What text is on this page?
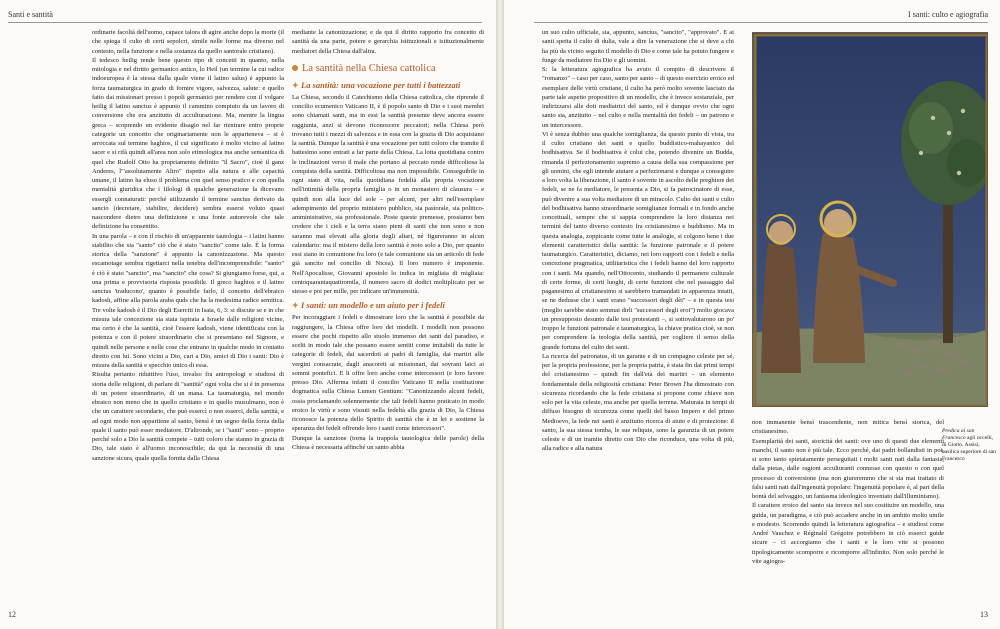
Santi e santità

ordinarie facoltà dell'uomo, capace talora di agire anche dopo la morte (il che spiega il culto di certi sepolcri, simile nelle forme ma diverso nel contesto, nella funzione e nella sostanza da quello santorale cristiano).

Il tedesco heilig rende bene questo tipo di concetti in quanto, nella mitologia e nel diritto germanico antico, lo Heil (un termine la cui radice indoeuropea è la stessa dalla quale viene il latino salus) è appunto la forza taumaturgica in grado di fornire vigore, salvezza, salute: e quello fatto dai missionari presso i popoli germanici per rendere con il volgare heilig il latino sanctus è appunto il cammino compiuto da un lavoro di conversione che era anzitutto di acculturazione. Ma, mentre la lingua greca – scoprendo un evidente disagio nel far rientrare entro proprie categorie un concetto che originariamente non le apparteneva – si è arroccata sul termine haghios, il cui significato è molto vicino al latino sacer e si rifà quindi all'area non solo etimologica ma anche semantica di quel che Rudolf Otto ha propriamente definito "il Sacro", cioè il ganz Anderes, l'"assolutamente Altro" rispetto alla natura e alle capacità umane, il latino ha eluso il problema con quel senso pratico e con quella mentalità giuridica che i filologi di qualche generazione fa dicevano essergli connaturati: perché utilizzando il termine sanctus derivato da sancio (decretare, stabilire, decidere) sembra essersi voluto quasi nascondere dietro una definizione e una fonte autorevole che tale definizione ha consentito.

In una parola – e con il rischio di un'apparente tautologia – i latini hanno stabilito che sia "santo" ciò che è stato "sancito" come tale. È la forma storica della "sanzione" è appunto la canonizzazione. Ma questo escamotage sembra rigettarci nella tenebra dell'incomprensibile: "santo" è ciò è stato "sancito", ma "sancito" che cosa? Si giungiamo forse, qui, a una prima e provvisoria risposta possibile. Il greco haghios e il latino sanctus 'traducono', quanto è possibile farlo, il concetto dell'ebraico kadosh, affine alla parola araba quds che ha la medesima radice semitica. Tre volte kadosh è il Dio degli Eserciti in Isaia, 6, 3: si discute se e in che misura tale concezione sia stata ispirata a Israele dalle religioni vicine, ma certo è che la santità, cioè l'essere kadosh, viene identificata con la potenza e con il potere straordinario che si presentano nel Signore, e quindi nelle persone e nelle cose che entrano in qualche modo in contatto diretto con lui. Sono vicini a Dio, cari a Dio, amici di Dio i santi: Dio è misura della santità e specchio unico di essa.

Risulta pertanto ridutttivo l'uso, invalso fra antropologi e studiosi di storia delle religioni, di parlare di "santità" ogni volta che si è in presenza di un potere straordinario, di un mana. La taumaturgia, nel mondo ebraico non meno che in quello cristiano e in quello musulmano, non è che un carattere secondario, che può essercì o non esserci, della santità, e ad ogni modo non appartiene al santo, bensì è un segno della forza della quale il santo può esser mediatore. D'altronde, se i "santi" sono – proprio perché solo a Dio la santità compete – tutti coloro che stanno in grazia di Dio, tale stato è all'uomo inconoscibile; da qui la necessità di una sanzione sicura, quale quella fornita dalla Chiesa

mediante la canonizzazione; e da qui il diritto rapporto fra concetto di santità da una parte, potere e gerarchia istituzionali e istituzionalmente mediatori della Chiesa dall'altra.

La santità nella Chiesa cattolica
✦ La santità: una vocazione per tutti i battezzati

La Chiesa, secondo il Catechismo della Chiesa cattolica, che riprende il concilio ecumenico Vaticano II, è il popolo santo di Dio e i suoi membri sono chiamati santi, ma in essi la santità presente deve ancora essere raggiunta, anzi si devono riconoscere peccatori; nella Chiesa però trovano tutti i mezzi di salvezza e in essa con la grazia di Dio acquistano la santità. Dunque la santità è una vocazione per tutti coloro che tramite il battesimo sono entrati a far parte della Chiesa. La lotta quotidiana contro le inclinazioni verso il male che portano al peccato rende difficoltosa la conquista della santità. Difficoltosa ma non impossibile. Conseguibile in ogni stato di vita, nella quotidiana fedeltà alla propria vocazione nell'intimità della propria famiglia o in un monastero di clausura – e quindi non alla luce del sole – per alcuni, per altri nell'esemplare adempimento del proprio ministero pubblico, sia pastorale, sia politico-amministrativo, sia professionale. Poste queste premesse, possiamo ben credere che i cieli e la terra siano pieni di santi che non sono e non saranno mai elevati alla gloria degli altari, né figureranno in alcun calendario: ma il mistero della loro santità è noto solo a Dio, per quanto essi siano in comunione fra loro (e tale comunione sia un articolo di fede già sancito nel concilio di Nicea). Il loro numero è imponente. Nell'Apocalisse, Giovanni apostolo lo indica in migliaia di migliaia: centoquarantaquattromila, il numero sacro di dodici moltiplicato per se stesso e poi per mille, per indicare un'immensità.

✦ I santi: un modello e un aiuto per i fedeli

Per incoraggiare i fedeli e dimostrare loro che la santità è possibile da raggiungere, la Chiesa offre loro dei modelli. I modelli non possono essere che pochi rispetto allo stuolo immenso dei santi del paradiso, e scelti in modo tale che possano essere sentiti come imitabili da tutte le categorie di fedeli, dai sacerdoti ai padri di famiglia, dai martiri alle vergini consacrate, dagli anacoreti ai missionari, dai sovrani laici ai sommi pontefici. E li offre loro anche come intercessori (e loro favore presso Dio. Afferma infatti il concilio Vaticano II nella costituzione dogmatica sulla Chiesa Lumen Gentium: "Canonizzando alcuni fedeli, ossia proclamando solennemente che tali fedeli hanno praticato in modo eroico le virtù e sono vissuti nella fedeltà alla grazia di Dio, la Chiesa riconosce la potenza dello Spirito di santità che è in lei e sostiene la speranza dei fedeli offrendo loro i santi come intercessori".

Dunque la sanzione (torna la trappola tautologica delle parole) della Chiesa è necessaria affinché un santo abbia

12
I santi: culto e agiografia

un suo culto ufficiale, sia, appunto, sanctus, "sancito", "approvato". E ai santi spetta il culto di dulia, vale a dire la venerazione che si deve a chi ha più da vicino seguito il modello di Dio e come tale ha potuto fungere e funge da mediatore fra Dio e gli uomini.

S: la letteratura agiografica ha avuto il compito di descrivere il "romanzo" – caso per caso, santo per santo – di questo esercizio eroico ed esemplare delle virtù cristiane, il culto ha però molto sovente lasciato da parte tale aspetto propositivo di un modello, che è invece sostanziale, per indirizzarsi alle doti mediatrici del santo, ed è dunque ovvio che ogni santo sia, anzitutto – nel culto e nella mentalità dei fedeli – un patrono e un intercessore.

Vi è senza dubbio una qualche somiglianza, da questo punto di vista, tra il culto cristiano dei santi e quello buddistico-mahayanico del bodhisattva. Se il bodhisattva è colui che, potendo divenire un Budda, rimanda il perfezionamento supremo a causa della sua compassione per gli uomini, che egli intende aiutare a perfezionarsi e dunque a conseguire a loro volta la liberazione, il santo è sovente in ascolto delle preghiere dei fedeli, se ne fa mediatore, le presenta a Dio, si fa patrocinatore di esse, può divenire a sua volta mediatore di un miracolo. Culto dei santi e culto del bodhisattva hanno straordinarie somiglianze formali e in fondo anche concettuali, sempre che si sappia comprendere la loro distanza nei termini del tanto diverso contesto fra cristianesimo e buddismo. Ma in questa analogia, zoppicante come tutte le analogie, si colgono bene i due elementi caratteristici della santità: la funzione patronale e il potere taumaturgico. Caratteristici, diciamo, nei loro rapporti con i fedeli e nella concezione pragmatica, utilitaristica che i fedeli hanno del loro rapporto con i santi. Ma quando, nell'Ottocento, studiando il permanere culturale di certe forme, di certi luoghi, di certe funzioni che nel passaggio dal paganesimo al cristianesimo si sarebbero tramandati in apparenza intatti, se ne dedusse che i santi erano "successori degli dèi" – e in questa tesi (meglio sarebbe stato semmai dirli "successori degli eroi") molto giocava un presupposto desunto dalle tesi protestanti –, si sottovalutarono un po' troppo le funzioni patronale e taumaturgica, la chiave pratica cioè, se non per comprendere la teologia della santità, per cogliere il senso della grande fortuna del culto dei santi.

La ricerca del patronatus, di un garante e di un compagno celeste per sé, per la propria professione, per la propria patria, è stata fin dai primi tempi del cristianesimo – quindi fin dall'età dei martiri – un elemento fondamentale della religiosità cristiana: Peter Brown l'ha dimostrato con sicurezza ricordando che la fede cristiana si propone come chiave non solo per la vita celeste, ma anche per quella terrena. Maturata in tempi di diffuso bisogno di sicurezza come quelli del basso Impero e del primo Medioevo, la fede nei santi è anzitutto ricerca di aiuto e di protezione: il santo, la sua stessa tomba, le sue reliquie, sono la garanzia di un potere celeste e di un tramite diretto con Dio che riconduce, una volta di più, alla radice e alla natura

Predica ai san Francesco agli uccelli, di Giotto. Assisi, basilica superiore di san Francesco

non immanente bensì trascendente, non mitica bensì storica, del cristianesimo.

Esemplarità dei santi, storicità dei santi: ove uno di questi due elementi manchi, il santo non è più tale. Ecco perché, dai padri bollandisti in poi, si sono tanto spietatamente perseguitati i molti santi nati dalla fantasia, dalla pietas, dalle ragioni acculturanti connesse con questo o con quel processo di conversione (ma non giureremmo che si sia mai trattato di falsi santi nati dall'ingenuità popolare: l'ingenuità popolare è, al pari della bontà del selvaggio, un fantasma ideologico inventato dall'illuminismo).

Il carattere eroico del santo sia invece nel suo costituire un modello, una guida, un paradigma, e ciò può accadere anche in un ambito molto umile e modesto. Scorrendo quindi la letteratura agiografica – e studiosi come André Vauchez e Réginald Grégoire potrebbero in ciò esserci guide sicure – ci accorgiamo che i santi e le loro vite si possono tipologicamente scomporre e ricomporre all'infinito. Non solo perché le vite agiogra-

13
